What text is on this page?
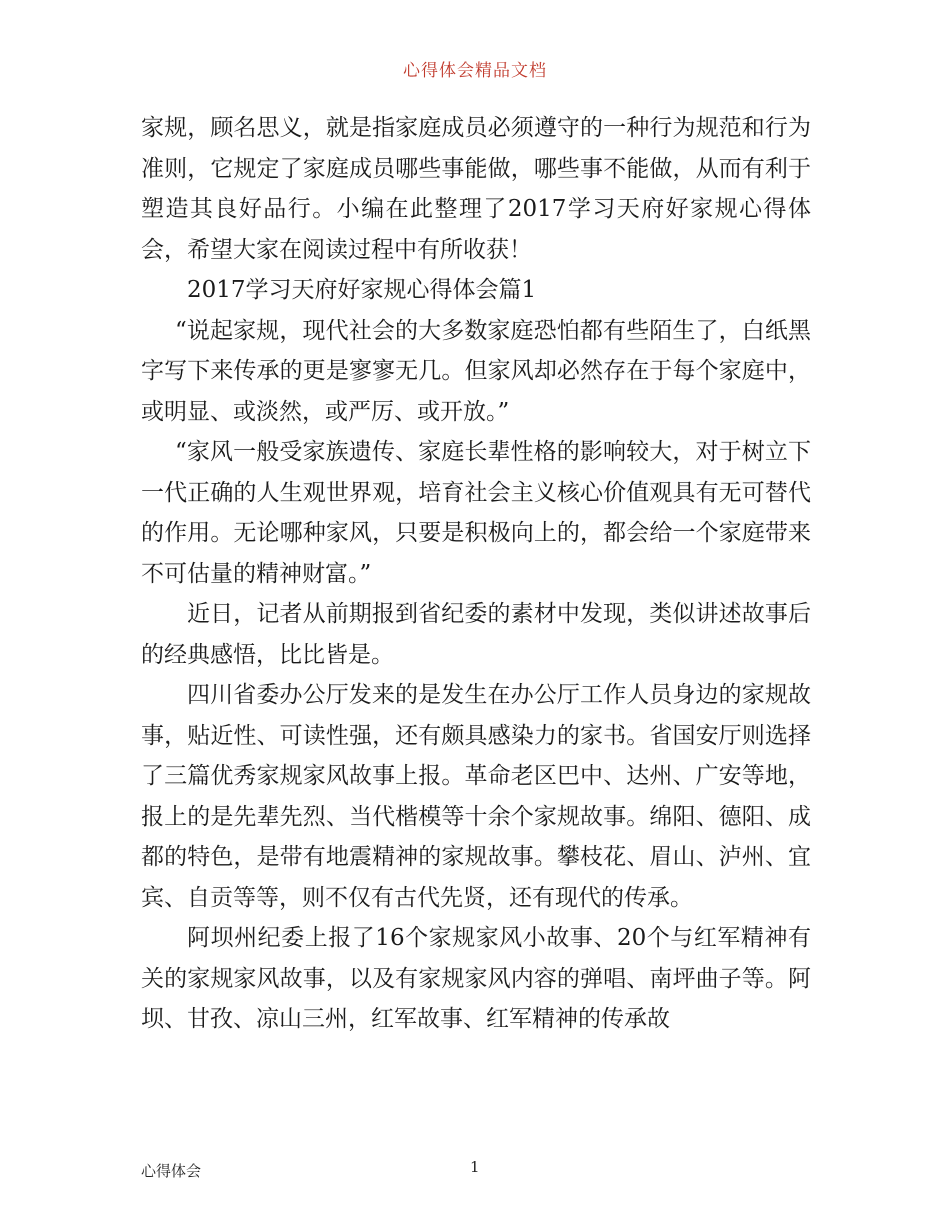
心得体会精品文档

家规，顾名思义，就是指家庭成员必须遵守的一种行为规范和行为准则，它规定了家庭成员哪些事能做，哪些事不能做，从而有利于塑造其良好品行。小编在此整理了2017学习天府好家规心得体会，希望大家在阅读过程中有所收获！

2017学习天府好家规心得体会篇1

“说起家规，现代社会的大多数家庭恐怕都有些陌生了，白纸黑字写下来传承的更是寥寥无几。但家风却必然存在于每个家庭中，或明显、或淡然，或严厉、或开放。”

“家风一般受家族遗传、家庭长辈性格的影响较大，对于树立下一代正确的人生观世界观，培育社会主义核心价值观具有无可替代的作用。无论哪种家风，只要是积极向上的，都会给一个家庭带来不可估量的精神财富。”

近日，记者从前期报到省纪委的素材中发现，类似讲述故事后的经典感悟，比比皆是。

四川省委办公厅发来的是发生在办公厅工作人员身边的家规故事，贴近性、可读性强，还有颇具感染力的家书。省国安厅则选择了三篇优秀家规家风故事上报。革命老区巴中、达州、广安等地，报上的是先辈先烈、当代楷模等十余个家规故事。绵阳、德阳、成都的特色，是带有地震精神的家规故事。攀枝花、眉山、泸州、宜宾、自贡等等，则不仅有古代先贤，还有现代的传承。

阿坝州纪委上报了16个家规家风小故事、20个与红军精神有关的家规家风故事，以及有家规家风内容的弹唱、南坪曲子等。阿坝、甘孜、凉山三州，红军故事、红军精神的传承故

心得体会	1
